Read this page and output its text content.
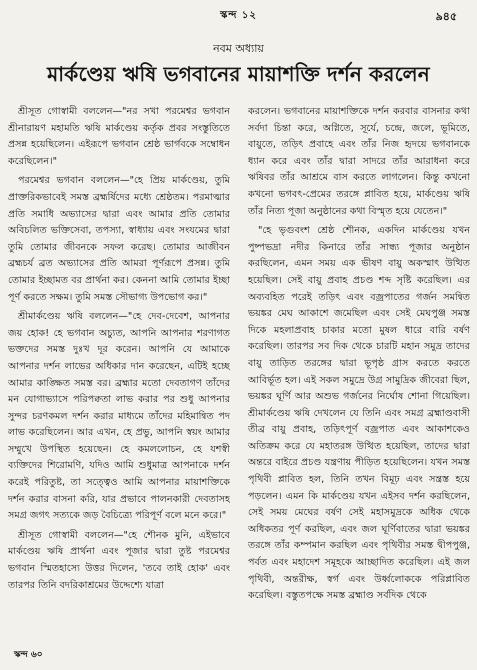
স্কন্দ ১২	৯৪৫
নবম অধ্যায়
মার্কণ্ডেয় ঋষি ভগবানের মায়াশক্তি দর্শন করলেন

শ্রীসূত গোস্বামী বললেন—"নর সখা পরমেশ্বর ভগবান শ্রীনারায়ণ মহামতি ঋষি মার্কণ্ডেয় কর্তৃক প্রবর সংস্তুতিতে প্রসন্ন হয়েছিলেন। এইরূপে ভগবান শ্রেষ্ঠ ভার্গবকে সম্বোধন করেছিলেন।"

পরমেশ্বর ভগবান বললেন—"হে প্রিয় মার্কণ্ডেয়, তুমি প্রাক্তরিকভাবেই সমস্ত ব্রহ্মর্ষিদের মধ্যে শ্রেষ্ঠতম। পরমাত্মার প্রতি সমাধি অভ্যাসের দ্বারা এবং আমার প্রতি তোমার অবিচলিত ভক্তিসেবা, তপস্যা, স্বাধ্যায় এবং সংযমের দ্বারা তুমি তোমার জীবনকে সফল করেছ। তোমার আজীবন ব্রহ্মচর্য ব্রত অভ্যাসের প্রতি আমরা পূর্ণরূপে প্রসন্ন। তুমি তোমার ইচ্ছামত বর প্রার্থনা কর। কেননা আমি তোমার ইচ্ছা পূর্ণ করতে সক্ষম। তুমি সমস্ত সৌভাগ্য উপভোগ কর।"

শ্রীমার্কণ্ডেয় ঋষি বললেন—"হে দেব-দেবেশ, আপনার জয় হোক! হে ভগবান অচ্যুত, আপনি আপনার শরণাগত ভক্তদের সমস্ত দুঃখ দূর করেন। আপনি যে আমাকে আপনার দর্শন লাভের অধিকার দান করেছেন, এটিই হচ্ছে আমার কাঙ্ক্ষিত সমস্ত বর। ব্রহ্মার মতো দেবতাগণ তাঁদের মন যোগাভ্যাসে পরিপক্বতা লাভ করার পর শুধু আপনার সুন্দর চরণকমল দর্শন করার মাধ্যমে তাঁদের মহিমান্বিত পদ লাভ করেছিলেন। আর এখন, হে প্রভু, আপনি স্বয়ং আমার সম্মুখে উপস্থিত হয়েছেন। হে কমললোচন, হে যশস্বী ব্যক্তিদের শিরোমণি, যদিও আমি শুধুমাত্র আপনাকে দর্শন করেই পরিতুষ্ট, তা সত্ত্বেও আমি আপনার মায়াশক্তিকে দর্শন করার বাসনা করি, যার প্রভাবে পালনকারী দেবতাসহ সমগ্র জগৎ সত্যকে জড় বৈচিত্র্যে পরিপূর্ণ বলে মনে করে।"

শ্রীসূত গোস্বামী বললেন—"হে শৌনক মুনি, এইভাবে মার্কণ্ডেয় ঋষি প্রার্থনা এবং পূজার দ্বারা তুষ্ট পরমেশ্বর ভগবান স্মিতহাস্যে উত্তর দিলেন, 'তবে তাই হোক' এবং তারপর তিনি বদরিকাশ্রমের উদ্দেশ্যে যাত্রা

করলেন। ভগবানের মায়াশক্তিকে দর্শন করবার বাসনার কথা সর্বদা চিন্তা করে, অগ্নিতে, সূর্যে, চন্দ্রে, জলে, ভূমিতে, বায়ুতে, তড়িৎ প্রবাহে এবং তাঁর নিজ হৃদয়ে ভগবানকে ধ্যান করে এবং তাঁর দ্বারা সাদরে তাঁর আরাধনা করে ঋষিবর তাঁর আশ্রমে বাস করতে লাগলেন। কিন্তু কখনো কখনো ভগবৎ-প্রেমের তরঙ্গে প্লাবিত হয়ে, মার্কণ্ডেয় ঋষি তাঁর নিত্য পূজা অনুষ্ঠানের কথা বিস্মৃত হয়ে যেতেন।"

"হে ভৃগুবংশ শ্রেষ্ঠ শৌনক, একদিন মার্কণ্ডেয় যখন পুষ্পভদ্রা নদীর কিনারে তাঁর সান্ধ্য পূজার অনুষ্ঠান করছিলেন, এমন সময় এক ভীষণ বায়ু অকস্মাৎ উত্থিত হয়েছিল। সেই বায়ু প্রবাহ প্রচণ্ড শব্দ সৃষ্টি করেছিল। এর অব্যবহিত পরেই তড়িৎ এবং বজ্রপাতের গর্জন সমন্বিত ভয়ঙ্কর মেঘ আকাশে জমেছিল এবং সেই মেঘপুঞ্জ সমস্ত দিকে মহলাপ্রবাহ চাকার মতো মুষল ধারে বারি বর্ষণ করেছিল। তারপর সব দিক থেকে চারটি মহান সমুদ্র তাদের বায়ু তাড়িত তরঙ্গের দ্বারা ভূপৃষ্ঠ গ্রাস করতে করতে আবির্ভূত হল। এই সকল সমুদ্রে উগ্র সামুদ্রিক জীবেরা ছিল, ভয়ঙ্কর ঘূর্ণি আর অশুভ গর্জনের নির্ঘোষ শোনা গিয়েছিল। শ্রীমার্কণ্ডেয় ঋষি দেখলেন যে তিনি এবং সমগ্র ব্রহ্মাণ্ডবাসী তীব্র বায়ু প্রবাহ, তড়িৎপূর্ণ বজ্রপাত এবং আকাশকেও অতিক্রম করে যে মহাতরঙ্গ উত্থিত হয়েছিল, তাদের দ্বারা অন্তরে বাইরে প্রচণ্ড যন্ত্রণায় পীড়িত হয়েছিলেন। যখন সমস্ত পৃথিবী প্লাবিত হল, তিনি তখন বিমূঢ় এবং সন্ত্রস্ত হয়ে পড়লেন। এমন কি মার্কণ্ডেয় যখন এইসব দর্শন করছিলেন, সেই সময় মেঘের বর্ষণ সেই মহাসমুদ্রকে অধিক থেকে অধিকতর পূর্ণ করছিল, এবং জল ঘূর্ণিবাতের দ্বারা ভয়ঙ্কর তরঙ্গে তাঁর কম্পমান করছিল এবং পৃথিবীর সমস্ত দ্বীপপুঞ্জ, পর্বত এবং মহাদেশ সমূহকে আচ্ছাদিত করেছিল। এই জল পৃথিবী, অন্তরীক্ষ, স্বর্গ এবং উর্ধ্বলোককে পরিপ্লাবিত করেছিল। বস্তুতপক্ষে সমস্ত ব্রহ্মাণ্ড সর্বদিক থেকে

স্কন্দ ৬০
